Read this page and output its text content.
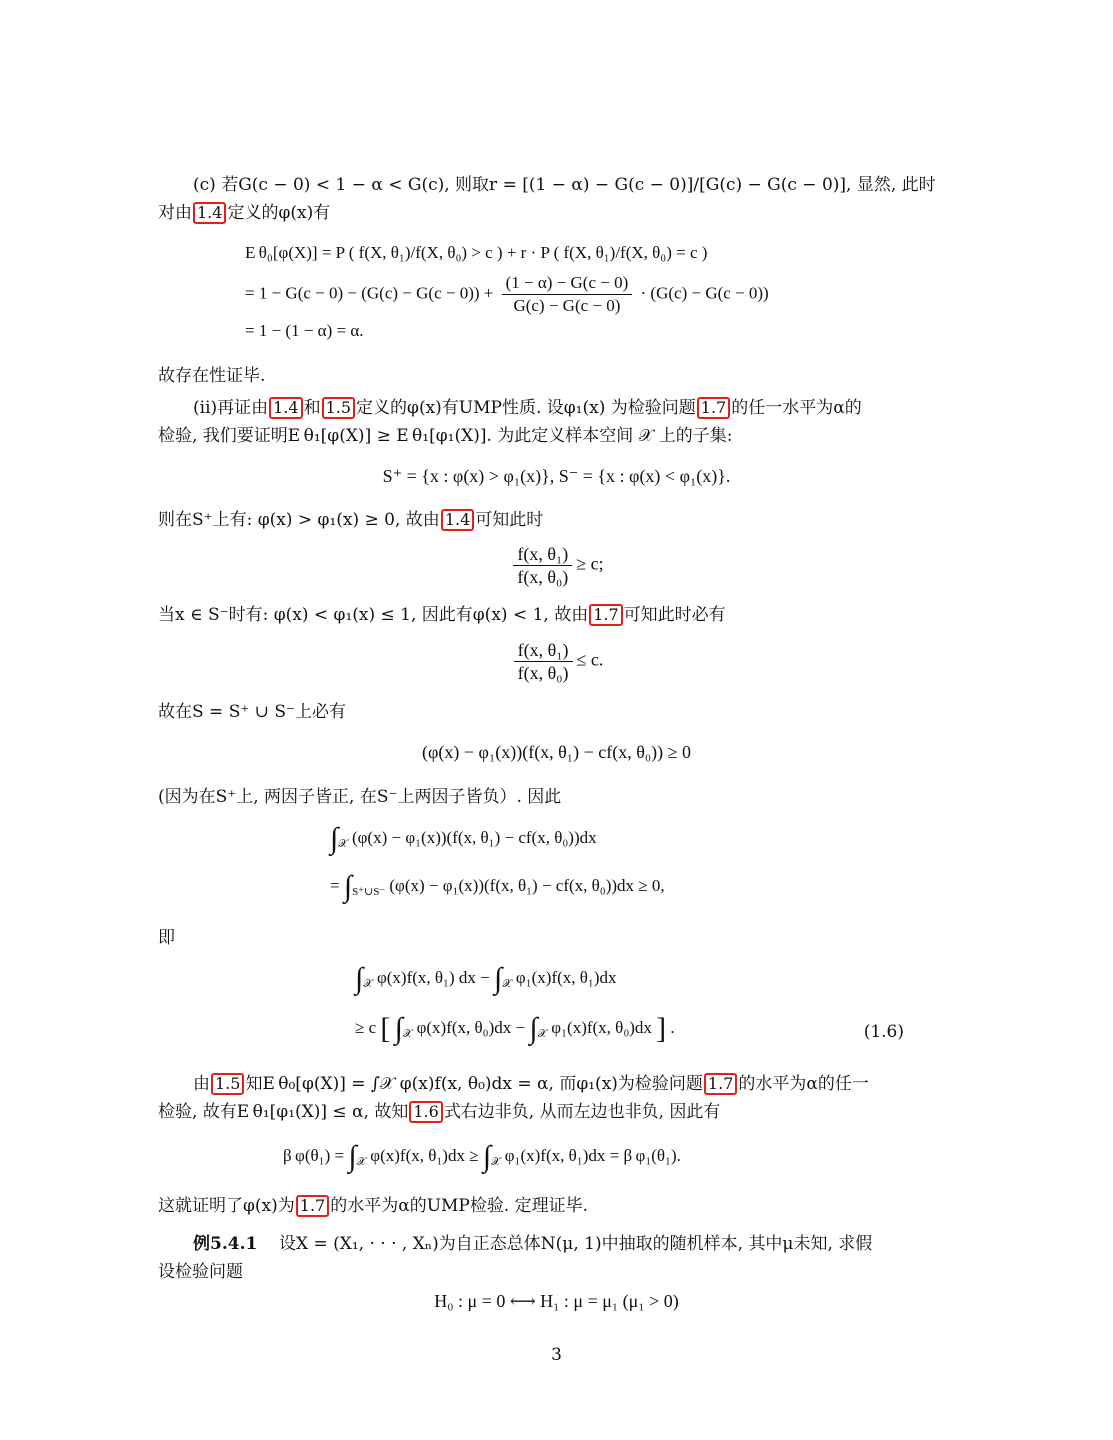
(c) 若G(c − 0) < 1 − α < G(c), 则取r = [(1 − α) − G(c − 0)]/[G(c) − G(c − 0)], 显然, 此时
对由 1.4 定义的φ(x)有
E θ₀[φ(X)] = P ( f(X, θ₁)/f(X, θ₀) > c ) + r · P ( f(X, θ₁)/f(X, θ₀) = c )
= $1 - G(c - 0) - (G(c) - G(c - 0)) + \frac{(1 - \alpha) - G(c - 0)}{G(c) - G(c - 0)} \cdot (G(c) - G(c - 0))$
= 1 − (1 − α) = α.
故存在性证毕.
(ii)再证由 1.4 和 1.5 定义的φ(x)有UMP性质. 设φ₁(x) 为检验问题 1.7 的任一水平为α的
检验, 我们要证明E θ₁[φ(X)] ≥ E θ₁[φ₁(X)]. 为此定义样本空间 𝒳 上的子集:
S⁺ = {x : φ(x) > φ₁(x)}, S⁻ = {x : φ(x) < φ₁(x)}.
则在S⁺上有: φ(x) > φ₁(x) ≥ 0, 故由 1.4 可知此时
$\frac{\text{f(x, θ₁)}}{\text{f(x, θ₀)}} \ge c$;
当x ∈ S⁻时有: φ(x) < φ₁(x) ≤ 1, 因此有φ(x) < 1, 故由 1.7 可知此时必有
$\frac{\text{f(x, θ₁)}}{\text{f(x, θ₀)}} \le c$.
故在S = S⁺ ∪ S⁻上必有
(φ(x) − φ₁(x))(f(x, θ₁) − cf(x, θ₀)) ≥ 0
(因为在S⁺上, 两因子皆正, 在S⁻上两因子皆负）. 因此
$\int_𝒳$ (φ(x) − φ₁(x))(f(x, θ₁) − cf(x, θ₀))dx
= $\int_{S^+\cup S^-}$ (φ(x) − φ₁(x))(f(x, θ₁) − cf(x, θ₀))dx ≥ 0,
即
$\int_𝒳$ φ(x)f(x, θ₁) dx − $\int_𝒳$ φ₁(x)f(x, θ₁)dx
≥ c [ $\int_𝒳$ φ(x)f(x, $\theta_0)dx - \int_𝒳$ φ₁(x)f(x, θ₀)dx ] .	(1.6)
由 1.5 知E θ₀[φ(X)] = ∫𝒳 φ(x)f(x, θ₀)dx = α, 而φ₁(x)为检验问题 1.7 的水平为α的任一
检验, 故有E θ₁[φ₁(X)] ≤ α, 故知 1.6 式右边非负, 从而左边也非负, 因此有
β $\varphi(\theta_1) = \int_𝒳$ φ(x)f(x, $\theta_1)dx \ge \int_𝒳$ φ₁(x)f(x, θ₁)dx = β φ₁(θ₁).
这就证明了φ(x)为 1.7 的水平为α的UMP检验. 定理证毕.
例5.4.1 设X = (X₁, · · · , Xₙ)为自正态总体N(μ, 1)中抽取的随机样本, 其中μ未知, 求假
设检验问题
H₀ : μ = 0 ⟷ H₁ : μ = μ₁ (μ₁ > 0)
3
